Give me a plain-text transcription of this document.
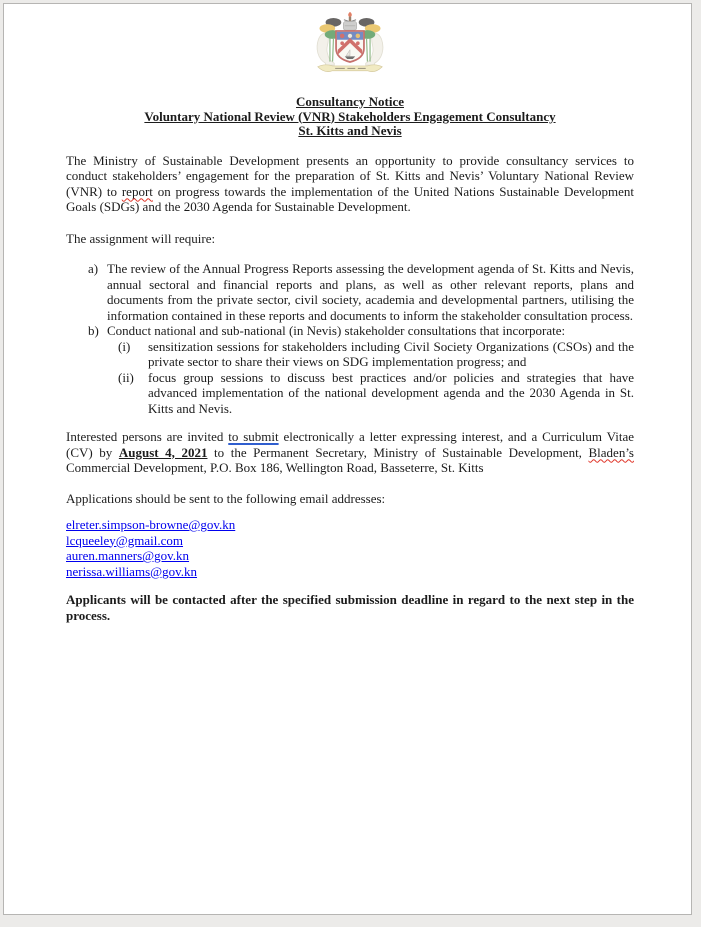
Consultancy Notice
Voluntary National Review (VNR) Stakeholders Engagement Consultancy
St. Kitts and Nevis

The Ministry of Sustainable Development presents an opportunity to provide consultancy services to conduct stakeholders’ engagement for the preparation of St. Kitts and Nevis’ Voluntary National Review (VNR) to report on progress towards the implementation of the United Nations Sustainable Development Goals (SDGs) and the 2030 Agenda for Sustainable Development.

The assignment will require:

a) The review of the Annual Progress Reports assessing the development agenda of St. Kitts and Nevis, annual sectoral and financial reports and plans, as well as other relevant reports, plans and documents from the private sector, civil society, academia and developmental partners, utilising the information contained in these reports and documents to inform the stakeholder consultation process.
b) Conduct national and sub-national (in Nevis) stakeholder consultations that incorporate:
(i)	sensitization sessions for stakeholders including Civil Society Organizations (CSOs) and the private sector to share their views on SDG implementation progress; and
(ii)	focus group sessions to discuss best practices and/or policies and strategies that have advanced implementation of the national development agenda and the 2030 Agenda in St. Kitts and Nevis.

Interested persons are invited to submit electronically a letter expressing interest, and a Curriculum Vitae (CV) by August 4, 2021 to the Permanent Secretary, Ministry of Sustainable Development, Bladen’s Commercial Development, P.O. Box 186, Wellington Road, Basseterre, St. Kitts

Applications should be sent to the following email addresses:

elreter.simpson-browne@gov.kn
lcqueeley@gmail.com
auren.manners@gov.kn
nerissa.williams@gov.kn

Applicants will be contacted after the specified submission deadline in regard to the next step in the process.
